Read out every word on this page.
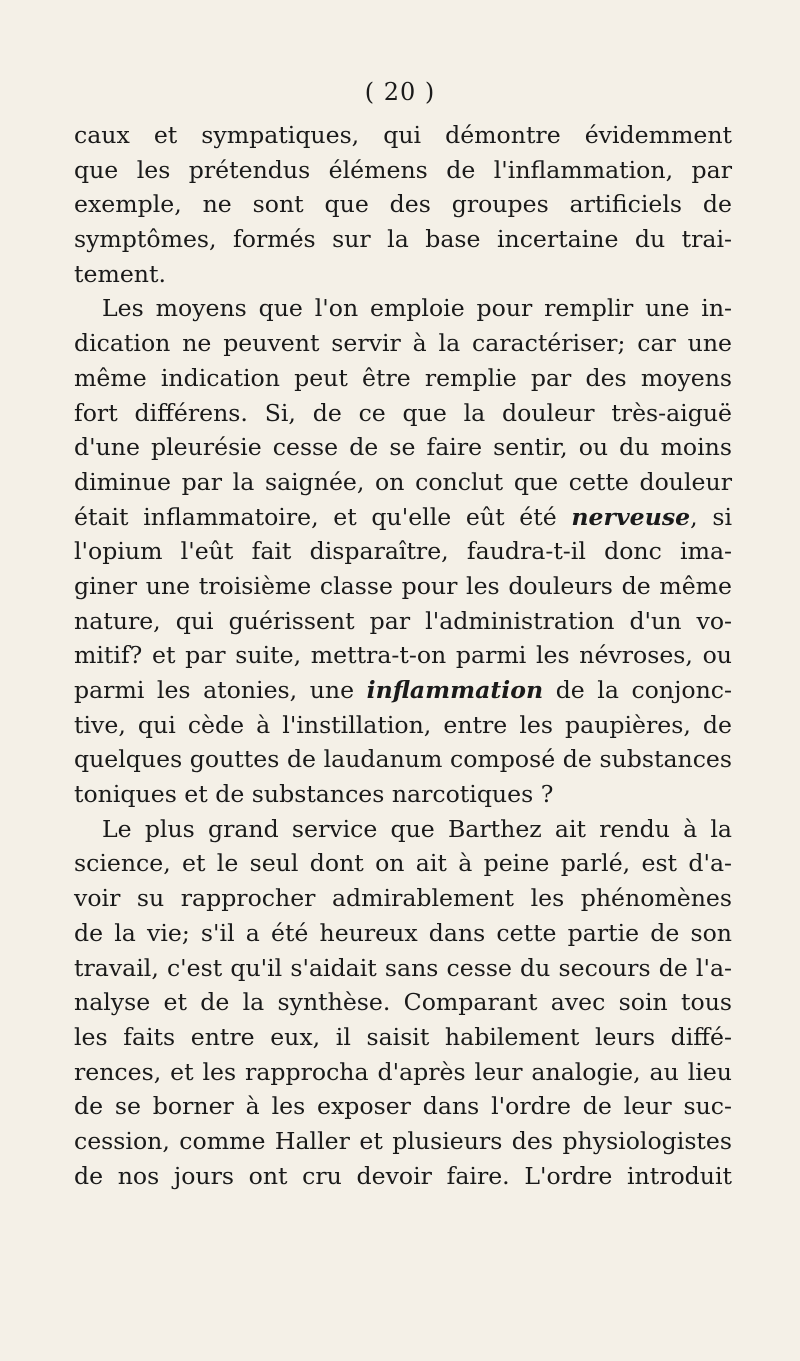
( 20 )
caux et sympatiques, qui démontre évidemment
que les prétendus élémens de l'inflammation, par
exemple, ne sont que des groupes artificiels de
symptômes, formés sur la base incertaine du trai-
tement.
Les moyens que l'on emploie pour remplir une in-
dication ne peuvent servir à la caractériser; car une
même indication peut être remplie par des moyens
fort différens. Si, de ce que la douleur très-aiguë
d'une pleurésie cesse de se faire sentir, ou du moins
diminue par la saignée, on conclut que cette douleur
était inflammatoire, et qu'elle eût été nerveuse, si
l'opium l'eût fait disparaître, faudra-t-il donc ima-
giner une troisième classe pour les douleurs de même
nature, qui guérissent par l'administration d'un vo-
mitif? et par suite, mettra-t-on parmi les névroses, ou
parmi les atonies, une inflammation de la conjonc-
tive, qui cède à l'instillation, entre les paupières, de
quelques gouttes de laudanum composé de substances
toniques et de substances narcotiques ?
Le plus grand service que Barthez ait rendu à la
science, et le seul dont on ait à peine parlé, est d'a-
voir su rapprocher admirablement les phénomènes
de la vie; s'il a été heureux dans cette partie de son
travail, c'est qu'il s'aidait sans cesse du secours de l'a-
nalyse et de la synthèse. Comparant avec soin tous
les faits entre eux, il saisit habilement leurs diffé-
rences, et les rapprocha d'après leur analogie, au lieu
de se borner à les exposer dans l'ordre de leur suc-
cession, comme Haller et plusieurs des physiologistes
de nos jours ont cru devoir faire. L'ordre introduit
